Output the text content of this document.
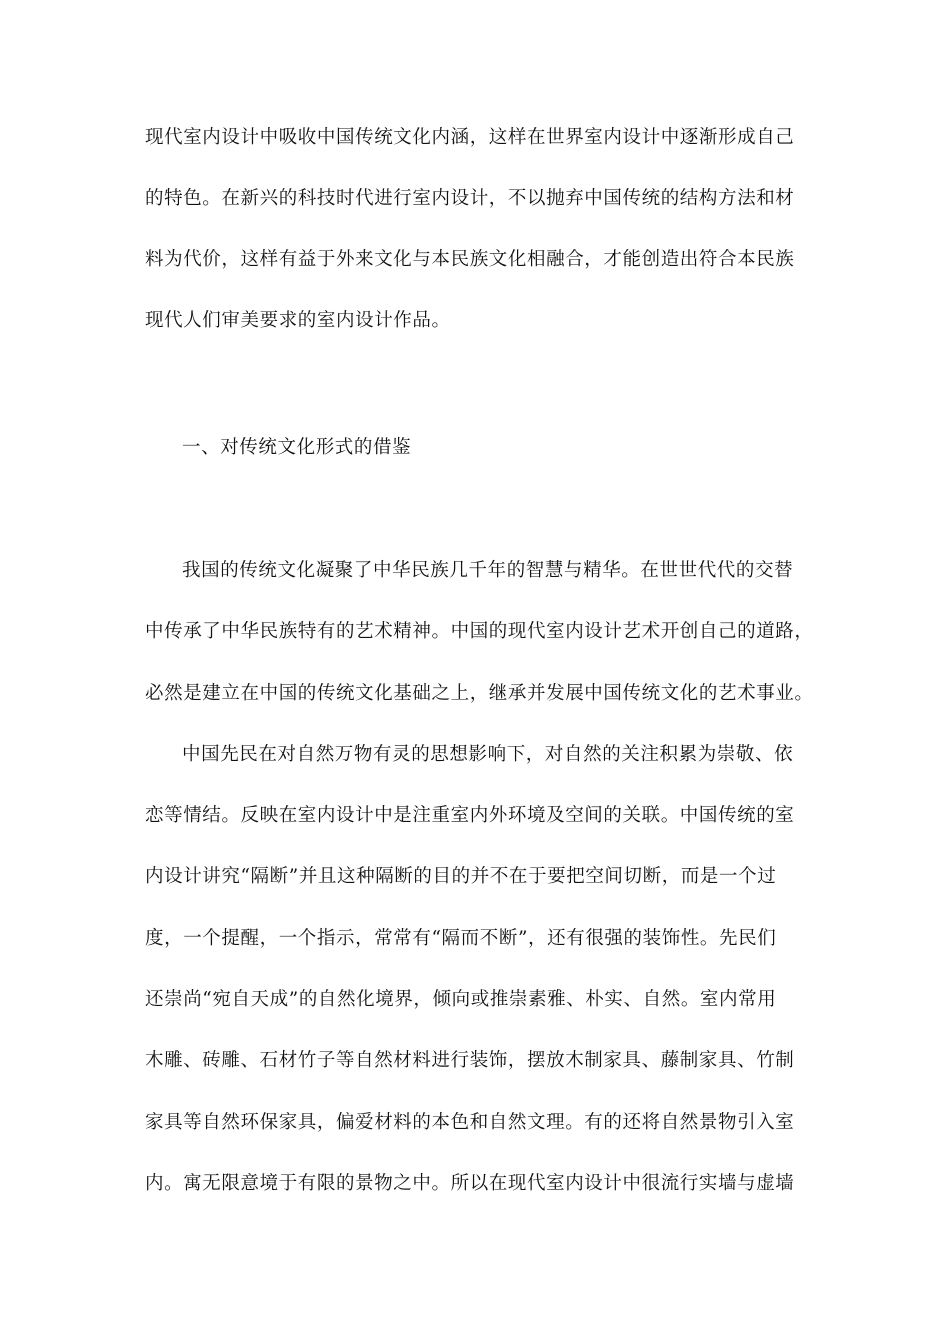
现代室内设计中吸收中国传统文化内涵，这样在世界室内设计中逐渐形成自己
的特色。在新兴的科技时代进行室内设计，不以抛弃中国传统的结构方法和材
料为代价，这样有益于外来文化与本民族文化相融合，才能创造出符合本民族
现代人们审美要求的室内设计作品。
一、对传统文化形式的借鉴
我国的传统文化凝聚了中华民族几千年的智慧与精华。在世世代代的交替
中传承了中华民族特有的艺术精神。中国的现代室内设计艺术开创自己的道路，
必然是建立在中国的传统文化基础之上，继承并发展中国传统文化的艺术事业。
中国先民在对自然万物有灵的思想影响下，对自然的关注积累为崇敬、依
恋等情结。反映在室内设计中是注重室内外环境及空间的关联。中国传统的室
内设计讲究“隔断”并且这种隔断的目的并不在于要把空间切断，而是一个过
度，一个提醒，一个指示，常常有“隔而不断”，还有很强的装饰性。先民们
还崇尚“宛自天成”的自然化境界，倾向或推崇素雅、朴实、自然。室内常用
木雕、砖雕、石材竹子等自然材料进行装饰，摆放木制家具、藤制家具、竹制
家具等自然环保家具，偏爱材料的本色和自然文理。有的还将自然景物引入室
内。寓无限意境于有限的景物之中。所以在现代室内设计中很流行实墙与虚墙
